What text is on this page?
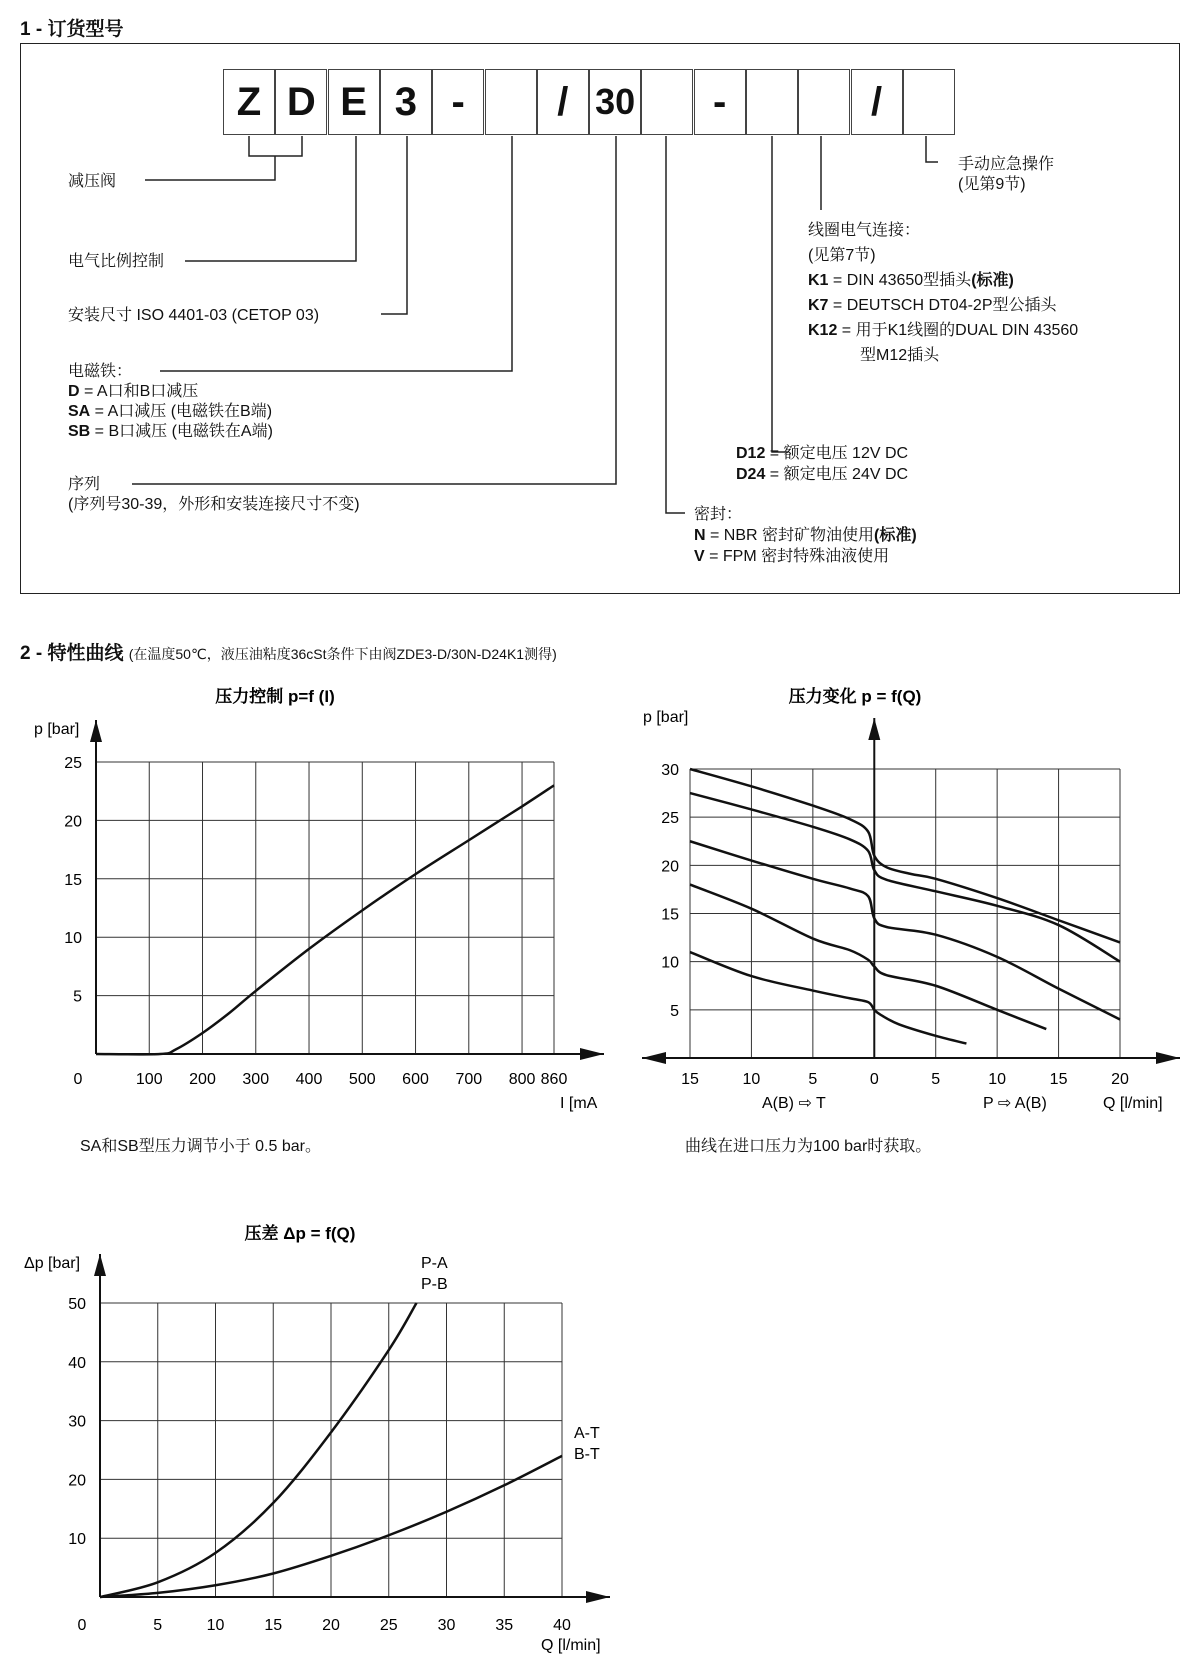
1 - 订货型号
Z D E 3 -	/ 30	-	/
减压阀
电气比例控制
安装尺寸 ISO 4401-03 (CETOP 03)
电磁铁：
D = A口和B口减压
SA = A口减压 (电磁铁在B端)
SB = B口减压 (电磁铁在A端)
序列
(序列号30-39，外形和安装连接尺寸不变)
手动应急操作
(见第9节)
线圈电气连接：
(见第7节)
K1 = DIN 43650型插头(标准)
K7 = DEUTSCH DT04-2P型公插头
K12 = 用于K1线圈的DUAL DIN 43560
型M12插头
D12 = 额定电压 12V DC
D24 = 额定电压 24V DC
密封：
N = NBR 密封矿物油使用(标准)
V = FPM 密封特殊油液使用
2 - 特性曲线 (在温度50℃，液压油粘度36cSt条件下由阀ZDE3-D/30N-D24K1测得)
压力控制 p=f (I)
p [bar]
I [mA
5
10
15
20
25
0	100 200 300 400 500 600 700 800 860
压力变化 p = f(Q)
p [bar]
Q [l/min]
A(B) ⇨ T	P ⇨ A(B)
5
10
15
20
25
30
15	10	5	0	5	10	15	20
压差 Δp = f(Q)
Δp [bar]
Q [l/min]
10
20
30
40
50
0	5	10 15 20 25 30 35 40
P-A
P-B
A-T
B-T
SA和SB型压力调节小于 0.5 bar。	曲线在进口压力为100 bar时获取。
